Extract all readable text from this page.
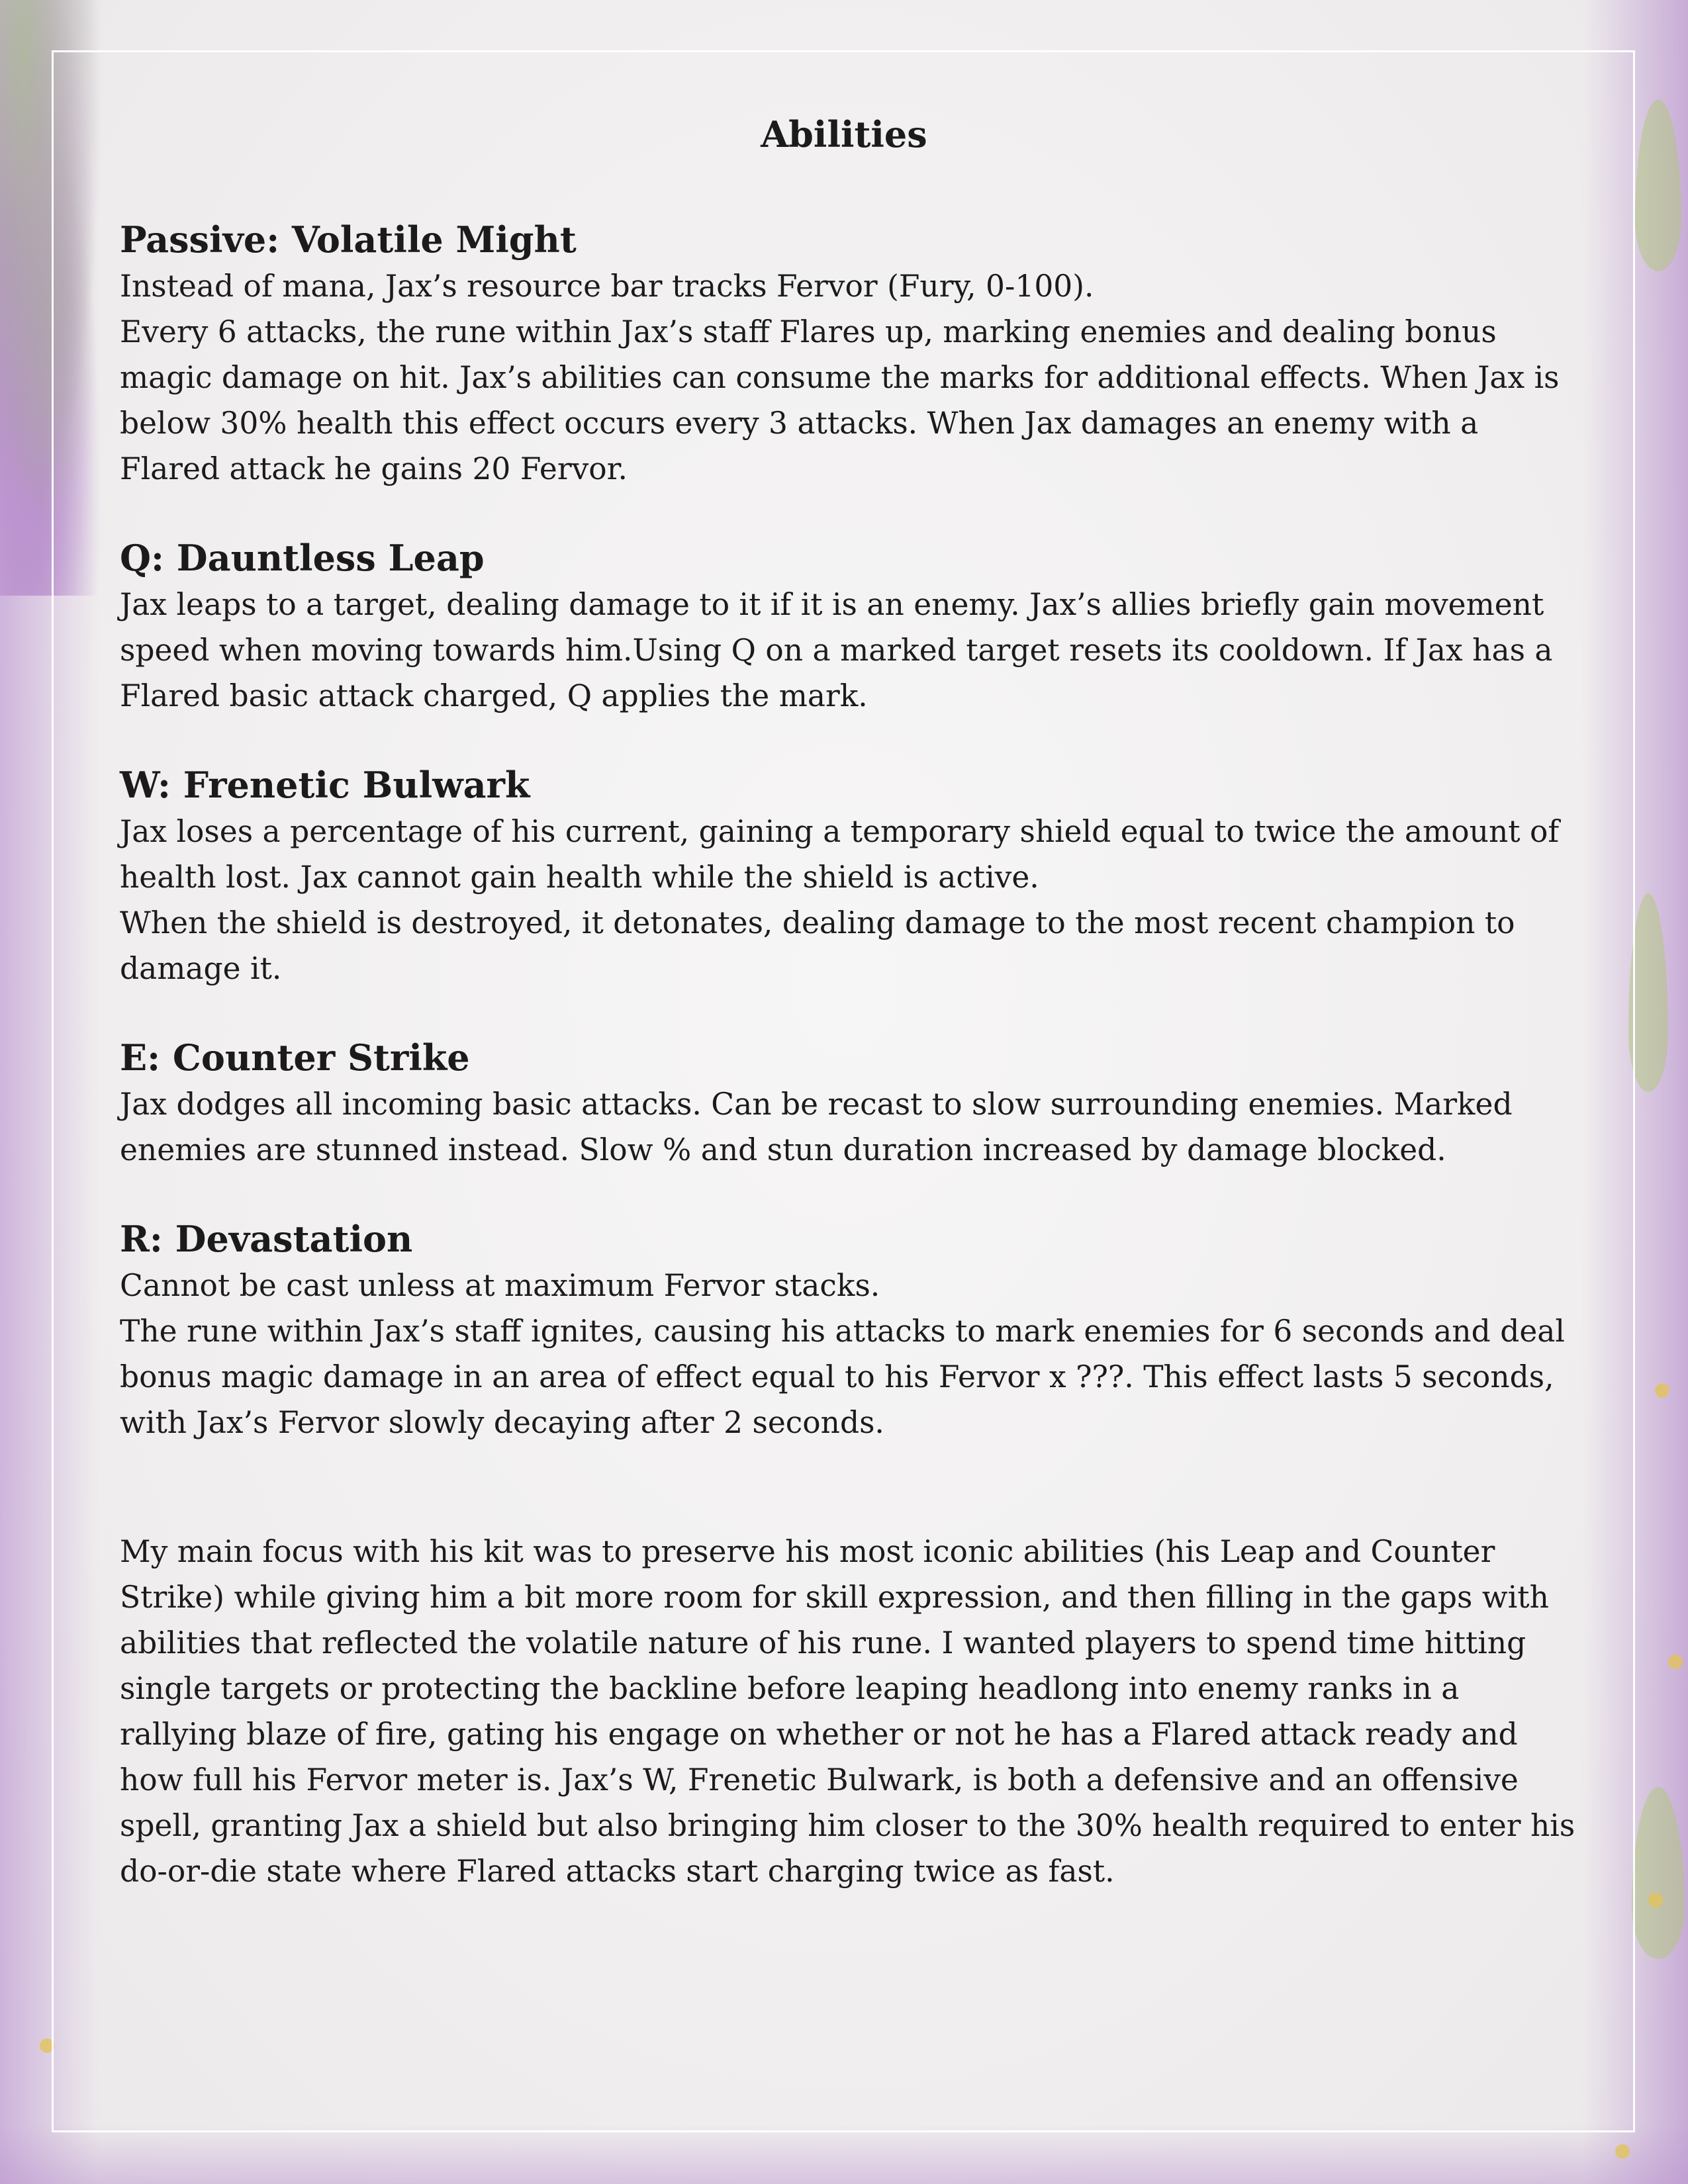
Abilities
Passive: Volatile Might

Instead of mana, Jax’s resource bar tracks Fervor (Fury, 0-100).

Every 6 attacks, the rune within Jax’s staff Flares up, marking enemies and dealing bonus magic damage on hit. Jax’s abilities can consume the marks for additional effects. When Jax is below 30% health this effect occurs every 3 attacks. When Jax damages an enemy with a Flared attack he gains 20 Fervor.

Q: Dauntless Leap

Jax leaps to a target, dealing damage to it if it is an enemy. Jax’s allies briefly gain movement speed when moving towards him.Using Q on a marked target resets its cooldown. If Jax has a Flared basic attack charged, Q applies the mark.

W: Frenetic Bulwark

Jax loses a percentage of his current, gaining a temporary shield equal to twice the amount of health lost. Jax cannot gain health while the shield is active.

When the shield is destroyed, it detonates, dealing damage to the most recent champion to damage it.

E: Counter Strike

Jax dodges all incoming basic attacks. Can be recast to slow surrounding enemies. Marked enemies are stunned instead. Slow % and stun duration increased by damage blocked.

R: Devastation

Cannot be cast unless at maximum Fervor stacks.

The rune within Jax’s staff ignites, causing his attacks to mark enemies for 6 seconds and deal bonus magic damage in an area of effect equal to his Fervor x ???. This effect lasts 5 seconds, with Jax’s Fervor slowly decaying after 2 seconds.

My main focus with his kit was to preserve his most iconic abilities (his Leap and Counter Strike) while giving him a bit more room for skill expression, and then filling in the gaps with abilities that reflected the volatile nature of his rune. I wanted players to spend time hitting single targets or protecting the backline before leaping headlong into enemy ranks in a rallying blaze of fire, gating his engage on whether or not he has a Flared attack ready and how full his Fervor meter is. Jax’s W, Frenetic Bulwark, is both a defensive and an offensive spell, granting Jax a shield but also bringing him closer to the 30% health required to enter his do-or-die state where Flared attacks start charging twice as fast.
